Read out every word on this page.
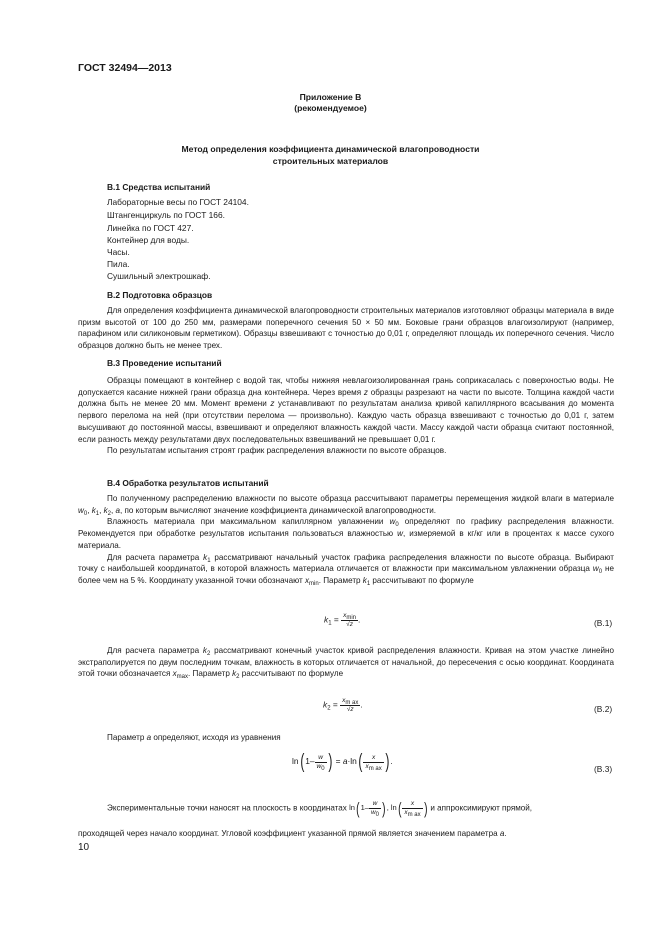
ГОСТ 32494—2013
Приложение В
(рекомендуемое)
Метод определения коэффициента динамической влагопроводности
строительных материалов
В.1 Средства испытаний
Лабораторные весы по ГОСТ 24104.
Штангенциркуль по ГОСТ 166.
Линейка по ГОСТ 427.
Контейнер для воды.
Часы.
Пила.
Сушильный электрошкаф.
В.2 Подготовка образцов

Для определения коэффициента динамической влагопроводности строительных материалов изготовляют образцы материала в виде призм высотой от 100 до 250 мм, размерами поперечного сечения 50 × 50 мм. Боковые грани образцов влагоизолируют (например, парафином или силиконовым герметиком). Образцы взвешивают с точностью до 0,01 г, определяют площадь их поперечного сечения. Число образцов должно быть не менее трех.

В.3 Проведение испытаний

Образцы помещают в контейнер с водой так, чтобы нижняя невлагоизолированная грань соприкасалась с поверхностью воды. Не допускается касание нижней грани образца дна контейнера. Через время z образцы разрезают на части по высоте. Толщина каждой части должна быть не менее 20 мм. Момент времени z устанавливают по результатам анализа кривой капиллярного всасывания до момента первого перелома на ней (при отсутствии перелома — произвольно). Каждую часть образца взвешивают с точностью до 0,01 г, затем высушивают до постоянной массы, взвешивают и определяют влажность каждой части. Массу каждой части образца считают постоянной, если разность между результатами двух последовательных взвешиваний не превышает 0,01 г.

По результатам испытания строят график распределения влажности по высоте образцов.

В.4 Обработка результатов испытаний

По полученному распределению влажности по высоте образца рассчитывают параметры перемещения жидкой влаги в материале $w_0$, $k_1$, $k_2$, a, по которым вычисляют значение коэффициента динамической влагопроводности.

Влажность материала при максимальном капиллярном увлажнении $w_0$ определяют по графику распределения влажности. Рекомендуется при обработке результатов испытания пользоваться влажностью w, измеряемой в кг/кг или в процентах к массе сухого материала.

Для расчета параметра $k_1$ рассматривают начальный участок графика распределения влажности по высоте образца. Выбирают точку с наибольшей координатой, в которой влажность материала отличается от влажности при максимальном увлажнении образца $w_0$ не более чем на 5 %. Координату указанной точки обозначают $x_{min}$. Параметр $k_1$ рассчитывают по формуле

$k_1 = \frac{x_{min}}{√z}$ .	(В.1)

Для расчета параметра $k_2$ рассматривают конечный участок кривой распределения влажности. Кривая на этом участке линейно экстраполируется по двум последним точкам, влажность в которых отличается от начальной, до пересечения с осью координат. Координата этой точки обозначается $x_{max}$. Параметр $k_2$ рассчитывают по формуле

$k_2 = \frac{x_{m ax}}{√z}$ .	(В.2)

Параметр a определяют, исходя из уравнения

$\ln(1- \frac{w}{w_0}$ ) = $a\cdot\ln( \frac{x}{x_{m ax}}$ ).
(В.3)
Экспериментальные точки наносят на плоскость в координатах $\ln(1- \frac{w}{w_0}$ ), $\ln( \frac{x}{x_{m ax}}$ ) и аппроксимируют прямой,
проходящей через начало координат. Угловой коэффициент указанной прямой является значением параметра a.
10
